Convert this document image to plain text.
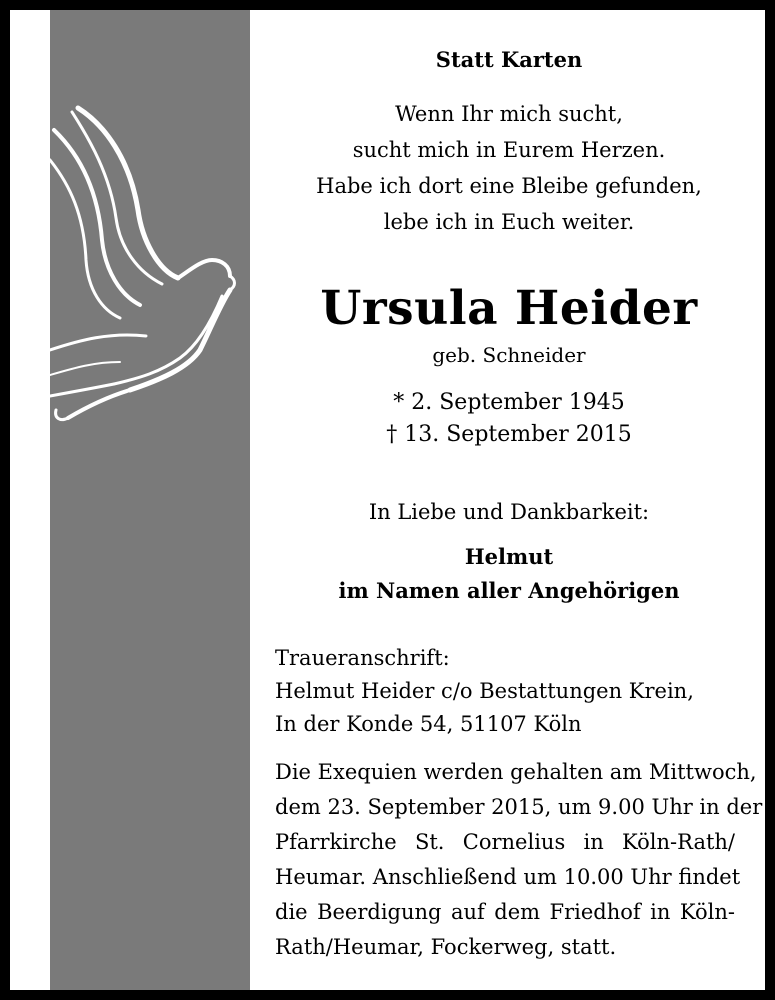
Statt Karten
Wenn Ihr mich sucht,
sucht mich in Eurem Herzen.
Habe ich dort eine Bleibe gefunden,
lebe ich in Euch weiter.
Ursula Heider
geb. Schneider
* 2. September 1945
† 13. September 2015
In Liebe und Dankbarkeit:
Helmut
im Namen aller Angehörigen
Traueranschrift:
Helmut Heider c/o Bestattungen Krein,
In der Konde 54, 51107 Köln
Die Exequien werden gehalten am Mittwoch,
dem 23. September 2015, um 9.00 Uhr in der
Pfarrkirche St. Cornelius in Köln-Rath/
Heumar. Anschließend um 10.00 Uhr findet
die Beerdigung auf dem Friedhof in Köln-
Rath/Heumar, Fockerweg, statt.
